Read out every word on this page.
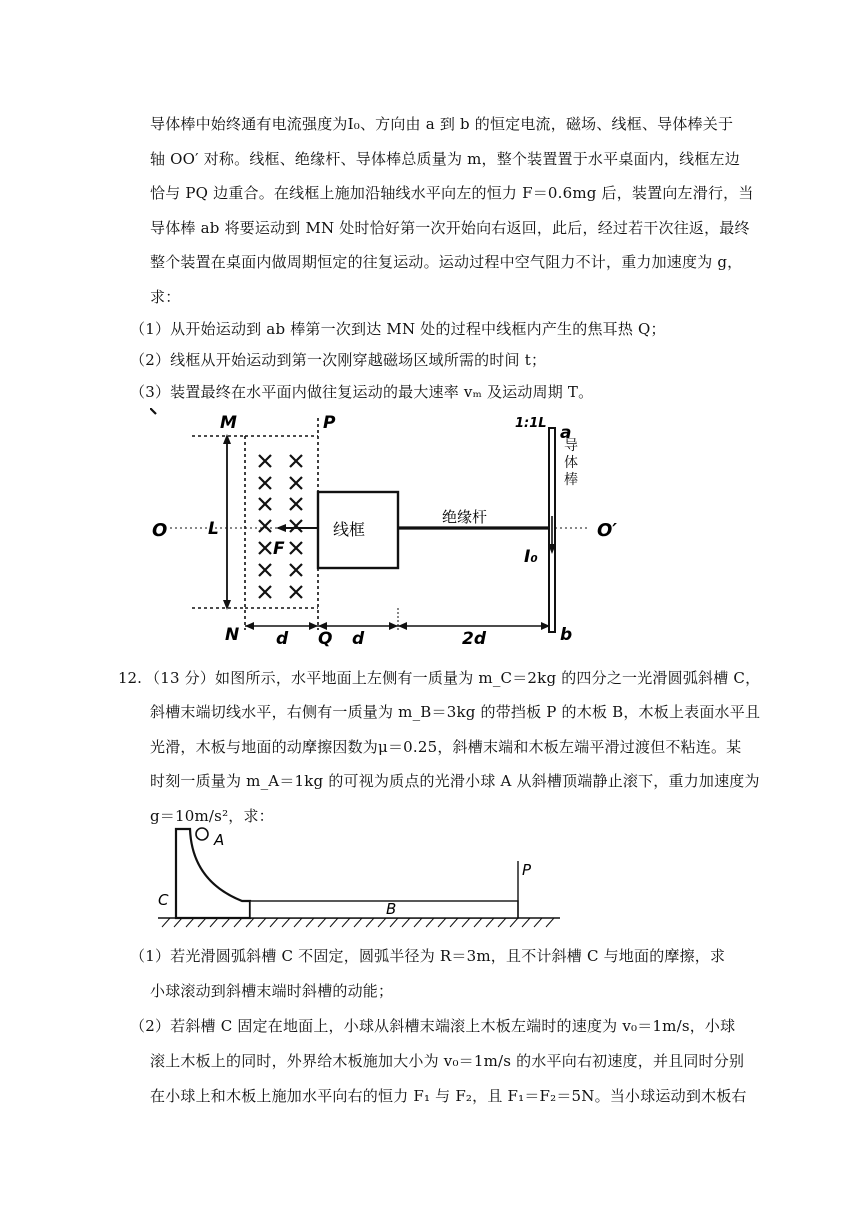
导体棒中始终通有电流强度为I₀、方向由 a 到 b 的恒定电流，磁场、线框、导体棒关于
轴 OO′ 对称。线框、绝缘杆、导体棒总质量为 m，整个装置置于水平桌面内，线框左边
恰与 PQ 边重合。在线框上施加沿轴线水平向左的恒力 F＝0.6mg 后，装置向左滑行，当
导体棒 ab 将要运动到 MN 处时恰好第一次开始向右返回，此后，经过若干次往返，最终
整个装置在桌面内做周期恒定的往复运动。运动过程中空气阻力不计，重力加速度为 g，
求：
（1）从开始运动到 ab 棒第一次到达 MN 处的过程中线框内产生的焦耳热 Q；
（2）线框从开始运动到第一次刚穿越磁场区域所需的时间 t；
（3）装置最终在水平面内做往复运动的最大速率 vₘ 及运动周期 T。
M	P
O L
F
线框
绝缘杆
1:1L a
b
I₀
O′
N	Q
d	d	2d
导体棒
12. （13 分）如图所示，水平地面上左侧有一质量为 m_C＝2kg 的四分之一光滑圆弧斜槽 C，
斜槽末端切线水平，右侧有一质量为 m_B＝3kg 的带挡板 P 的木板 B，木板上表面水平且
光滑，木板与地面的动摩擦因数为μ＝0.25，斜槽末端和木板左端平滑过渡但不粘连。某
时刻一质量为 m_A＝1kg 的可视为质点的光滑小球 A 从斜槽顶端静止滚下，重力加速度为
g＝10m/s²，求：
A
C	B
P
（1）若光滑圆弧斜槽 C 不固定，圆弧半径为 R＝3m，且不计斜槽 C 与地面的摩擦，求
小球滚动到斜槽末端时斜槽的动能；
（2）若斜槽 C 固定在地面上，小球从斜槽末端滚上木板左端时的速度为 v₀＝1m/s，小球
滚上木板上的同时，外界给木板施加大小为 v₀＝1m/s 的水平向右初速度，并且同时分别
在小球上和木板上施加水平向右的恒力 F₁ 与 F₂，且 F₁＝F₂＝5N。当小球运动到木板右
